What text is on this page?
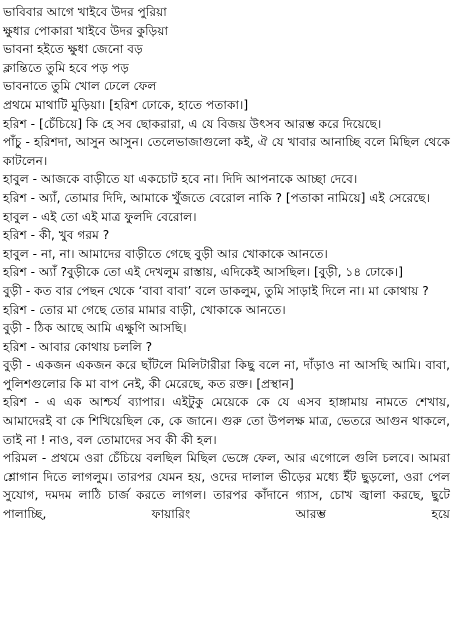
ভাবিবার আগে খাইবে উদর পুরিয়া

ক্ষুধার পোকারা খাইবে উদর কুড়িয়া

ভাবনা হইতে ক্ষুধা জেনো বড়

ক্লান্তিতে তুমি হবে পড় পড়

ভাবনাতে তুমি খোল ঢেলে ফেল

প্রথমে মাথাটি মুড়িয়া। [হরিশ ঢোকে, হাতে পতাকা।]

হরিশ - [চেঁচিয়ে] কি হে সব ছোকরারা, এ যে বিজয় উৎসব আরম্ভ করে দিয়েছে।

পাঁচু - হরিশদা, আসুন আসুন। তেলেভাজাগুলো কই, ঐ যে খাবার আনাচ্ছি বলে মিছিল থেকে কাটলেন।

হাবুল - আজকে বাড়ীতে যা একচোট হবে না। দিদি আপনাকে আচ্ছা দেবে।

হরিশ - অ্যাঁ, তোমার দিদি, আমাকে খুঁজতে বেরোল নাকি ? [পতাকা নামিয়ে] এই সেরেছে।

হাবুল - এই তো এই মাত্র ফুলদি বেরোল।

হরিশ - কী, খুব গরম ?

হাবুল - না, না। আমাদের বাড়ীতে গেছে বুড়ী আর খোকাকে আনতে।

হরিশ - অ্যাঁ ?বুড়ীকে তো এই দেখলুম রাস্তায়, এদিকেই আসছিল। [বুড়ী, ১৪ ঢোকে।]

বুড়ী - কত বার পেছন থেকে ‘বাবা বাবা’ বলে ডাকলুম, তুমি সাড়াই দিলে না। মা কোথায় ?

হরিশ - তোর মা গেছে তোর মামার বাড়ী, খোকাকে আনতে।

বুড়ী - ঠিক আছে আমি এক্ষুণি আসছি।

হরিশ - আবার কোথায় চললি ?

বুড়ী - একজন একজন করে ছাঁটলে মিলিটারীরা কিছু বলে না, দাঁড়াও না আসছি আমি। বাবা, পুলিশগুলোর কি মা বাপ নেই, কী মেরেছে, কত রক্ত। [প্রস্থান]

হরিশ - এ এক আশ্চর্য ব্যাপার। এইটুকু মেয়েকে কে যে এসব হাঙ্গামায় নামতে শেখায়, আমাদেরই বা কে শিখিয়েছিল কে, কে জানে। গুরু তো উপলক্ষ মাত্র, ভেতরে আগুন থাকলে, তাই না ! নাও, বল তোমাদের সব কী কী হল।

পরিমল - প্রথমে ওরা চেঁচিয়ে বলছিল মিছিল ভেঙ্গে ফেল, আর এগোলে গুলি চলবে। আমরা শ্লোগান দিতে লাগলুম। তারপর যেমন হয়, ওদের দালাল ভীড়ের মধ্যে ইঁট ছুড়লো, ওরা পেল সুযোগ, দমদম লাঠি চার্জ করতে লাগল। তারপর কাঁদানে গ্যাস, চোখ জ্বালা করছে, ছুটে পালাচ্ছি, ফায়ারিং আরম্ভ হয়ে
